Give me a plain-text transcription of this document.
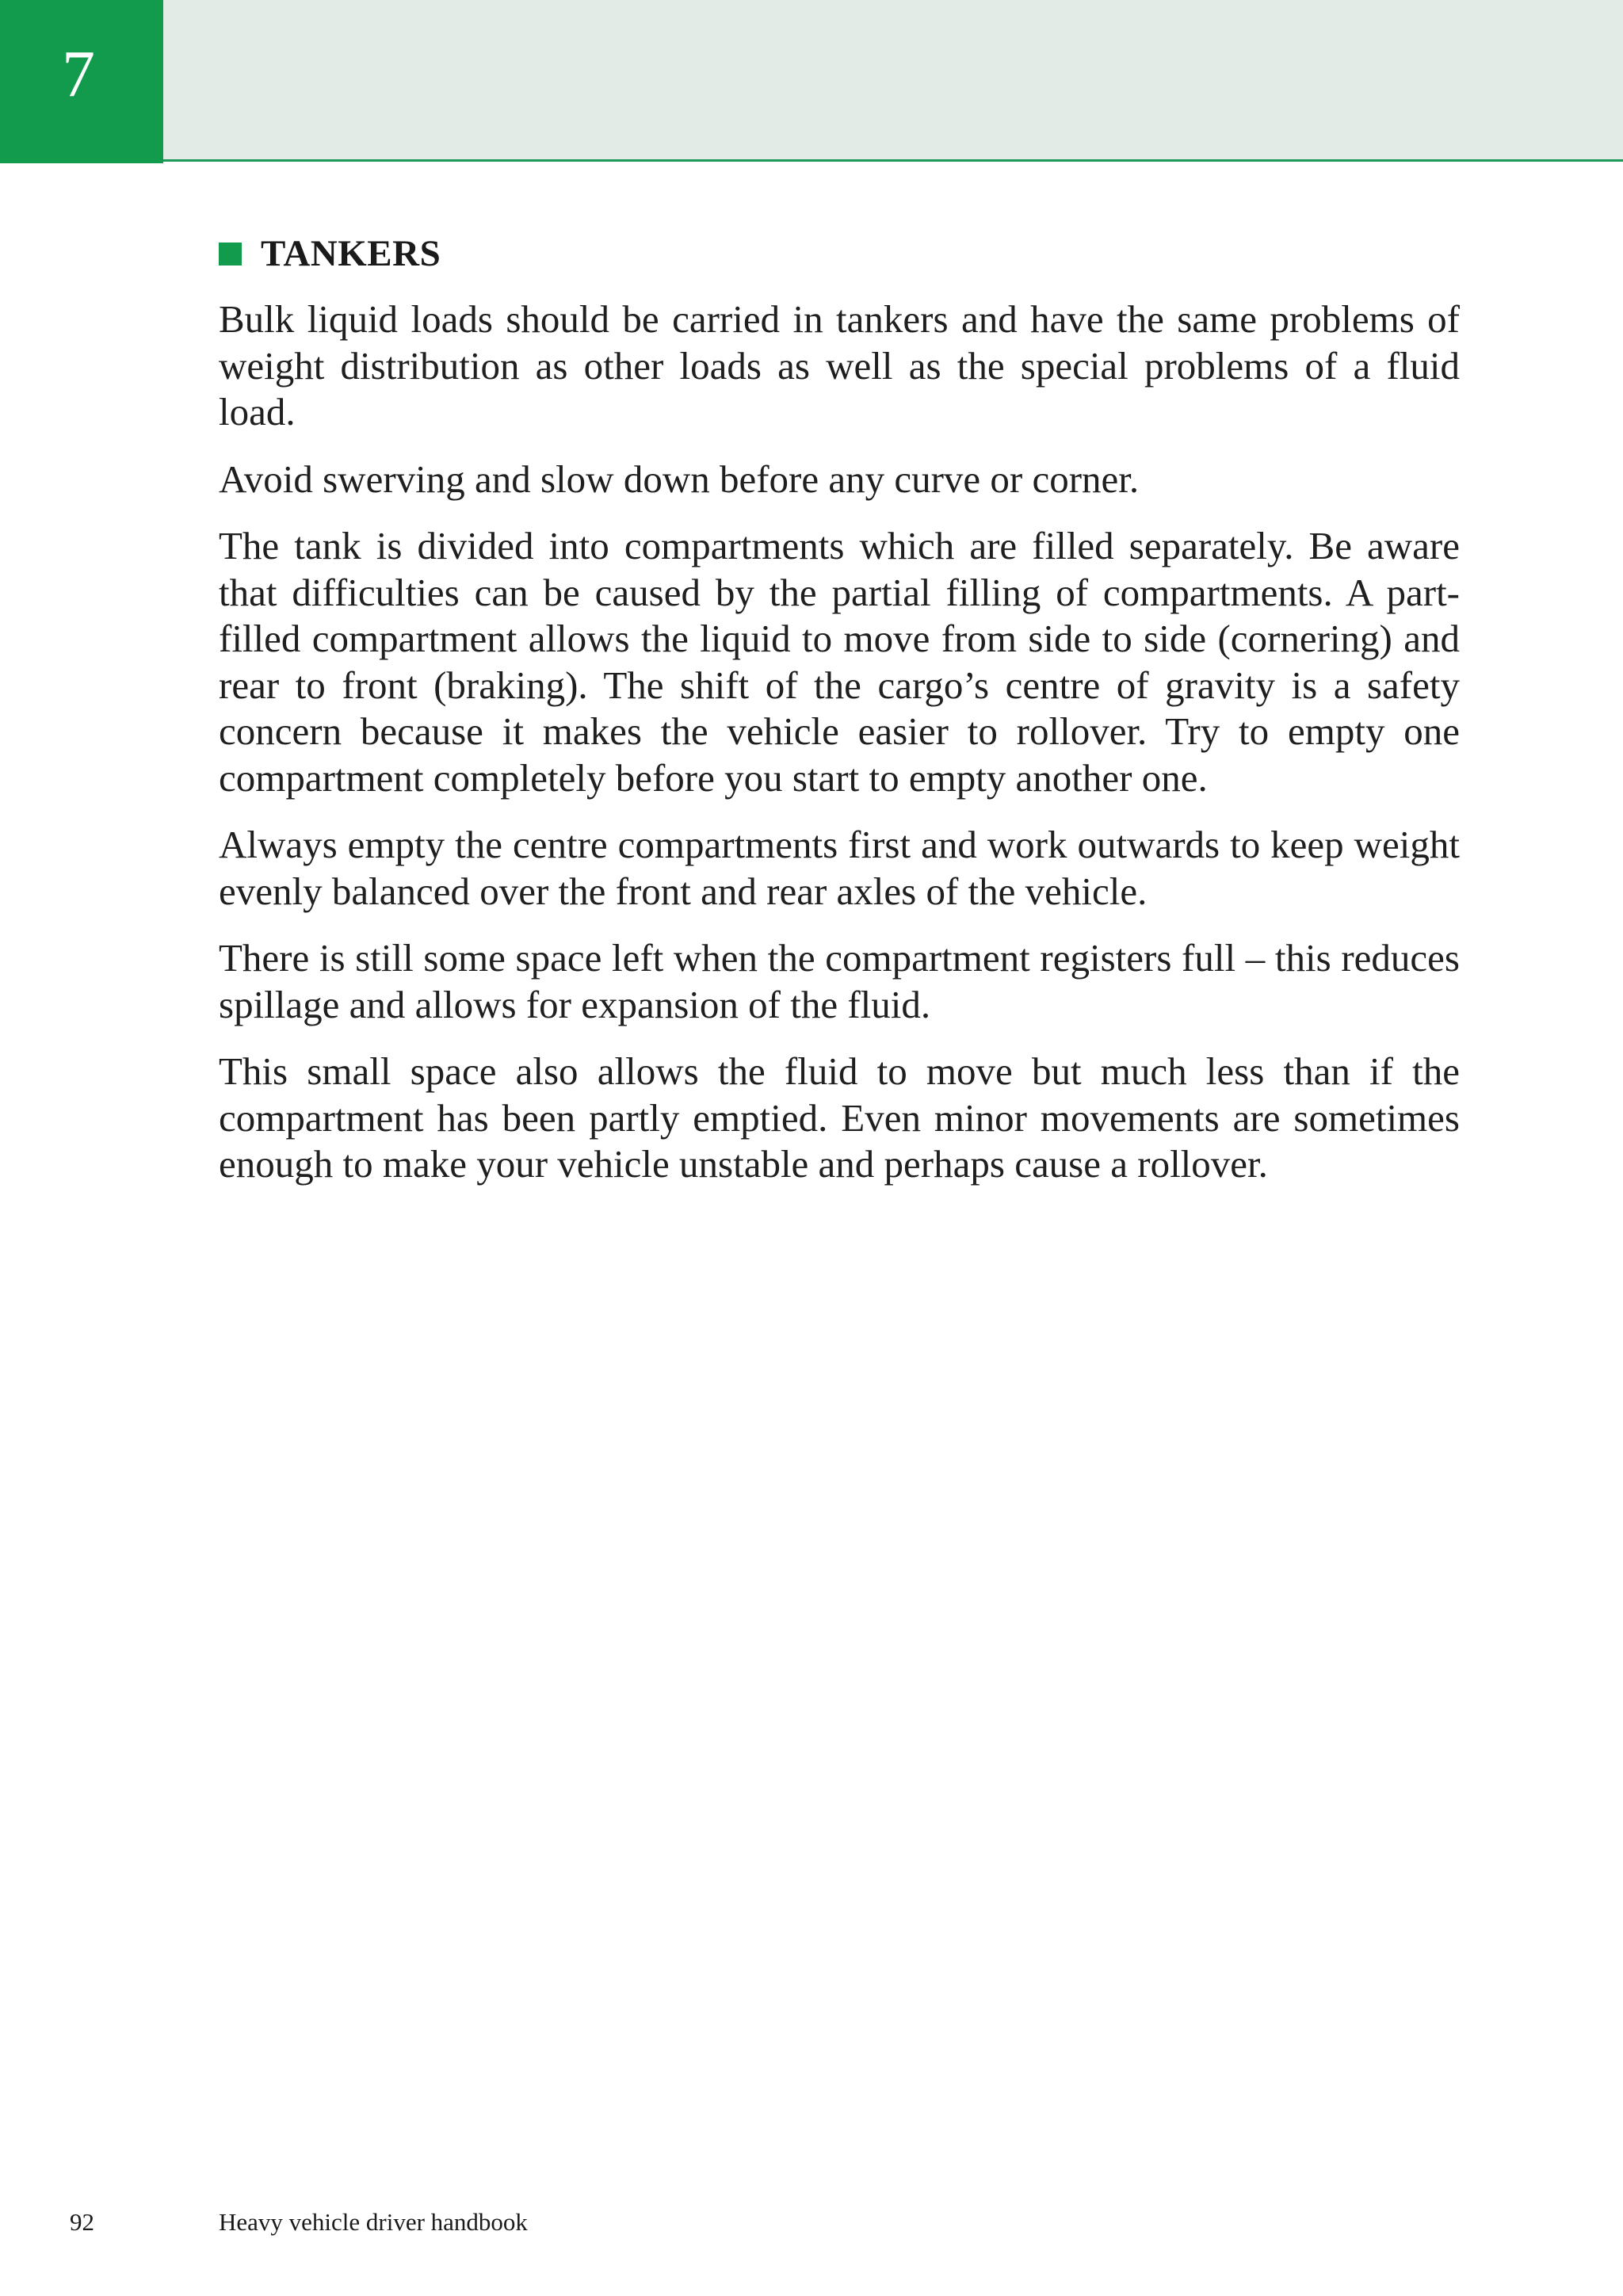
7
TANKERS

Bulk liquid loads should be carried in tankers and have the same problems of weight distribution as other loads as well as the special problems of a fluid load.

Avoid swerving and slow down before any curve or corner.

The tank is divided into compartments which are filled separately. Be aware that difficulties can be caused by the partial filling of compartments. A part-filled compartment allows the liquid to move from side to side (cornering) and rear to front (braking). The shift of the cargo’s centre of gravity is a safety concern because it makes the vehicle easier to rollover. Try to empty one compartment completely before you start to empty another one.

Always empty the centre compartments first and work outwards to keep weight evenly balanced over the front and rear axles of the vehicle.

There is still some space left when the compartment registers full – this reduces spillage and allows for expansion of the fluid.

This small space also allows the fluid to move but much less than if the compartment has been partly emptied. Even minor movements are sometimes enough to make your vehicle unstable and perhaps cause a rollover.

92	Heavy vehicle driver handbook
